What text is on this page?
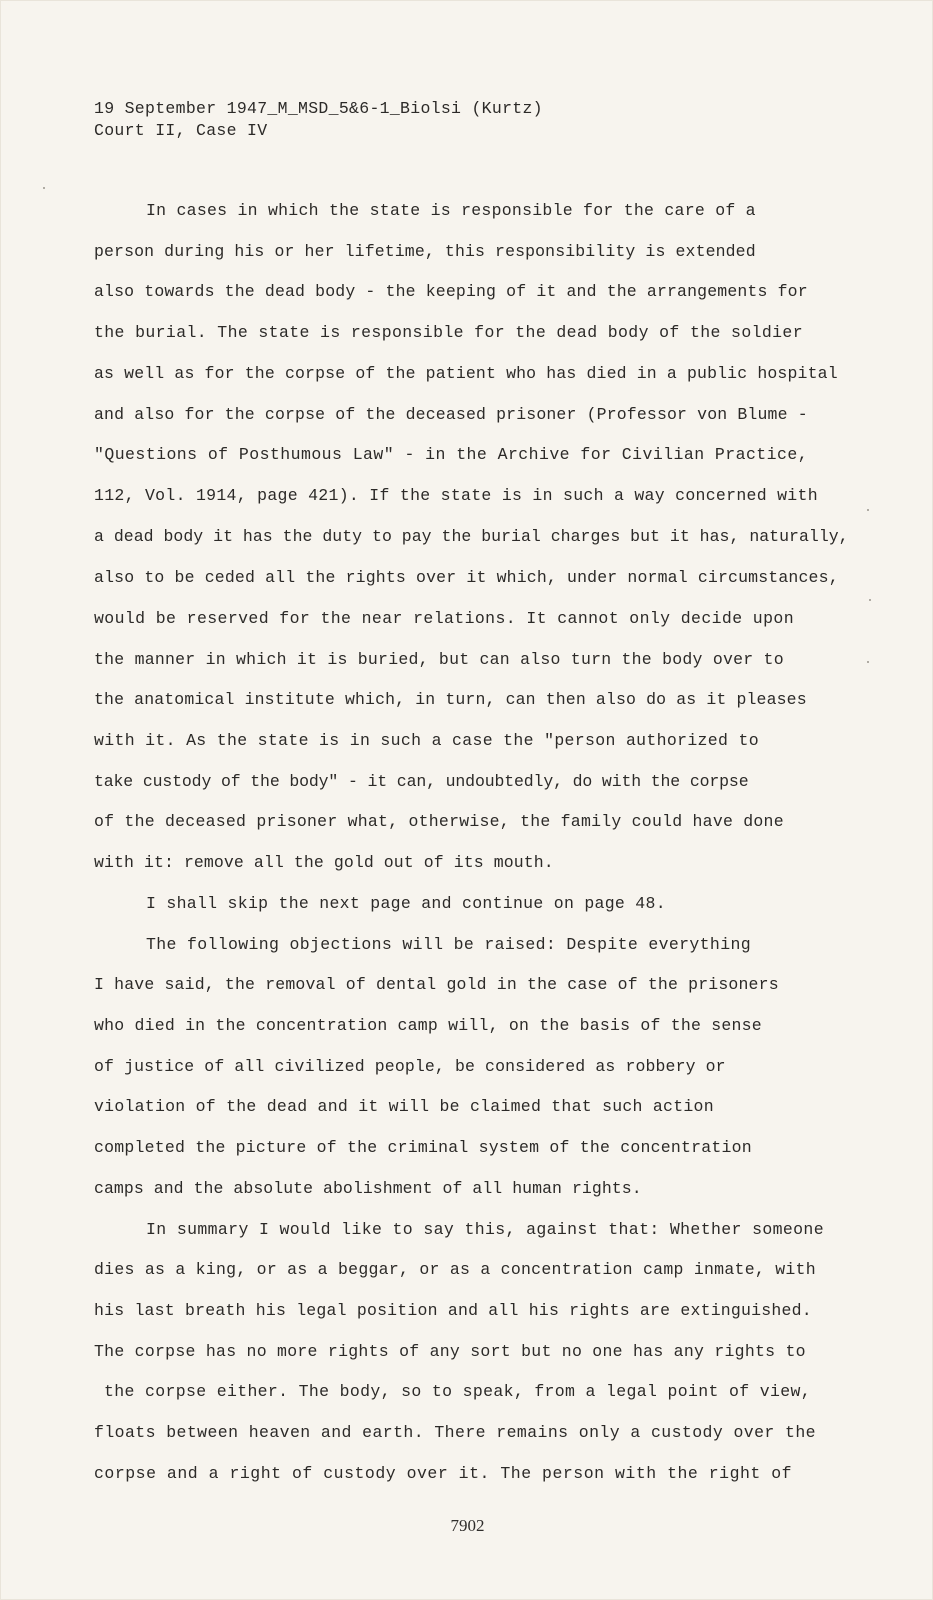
19 September 1947_M_MSD_5&6-1_Biolsi (Kurtz)
Court II, Case IV
In cases in which the state is responsible for the care of a
person during his or her lifetime, this responsibility is extended
also towards the dead body - the keeping of it and the arrangements for
the burial. The state is responsible for the dead body of the soldier
as well as for the corpse of the patient who has died in a public hospital
and also for the corpse of the deceased prisoner (Professor von Blume -
"Questions of Posthumous Law" - in the Archive for Civilian Practice,
112, Vol. 1914, page 421). If the state is in such a way concerned with
a dead body it has the duty to pay the burial charges but it has, naturally,
also to be ceded all the rights over it which, under normal circumstances,
would be reserved for the near relations. It cannot only decide upon
the manner in which it is buried, but can also turn the body over to
the anatomical institute which, in turn, can then also do as it pleases
with it. As the state is in such a case the "person authorized to
take custody of the body" - it can, undoubtedly, do with the corpse
of the deceased prisoner what, otherwise, the family could have done
with it: remove all the gold out of its mouth.
I shall skip the next page and continue on page 48.
The following objections will be raised: Despite everything
I have said, the removal of dental gold in the case of the prisoners
who died in the concentration camp will, on the basis of the sense
of justice of all civilized people, be considered as robbery or
violation of the dead and it will be claimed that such action
completed the picture of the criminal system of the concentration
camps and the absolute abolishment of all human rights.
In summary I would like to say this, against that: Whether someone
dies as a king, or as a beggar, or as a concentration camp inmate, with
his last breath his legal position and all his rights are extinguished.
The corpse has no more rights of any sort but no one has any rights to
the corpse either. The body, so to speak, from a legal point of view,
floats between heaven and earth. There remains only a custody over the
corpse and a right of custody over it. The person with the right of
7902
